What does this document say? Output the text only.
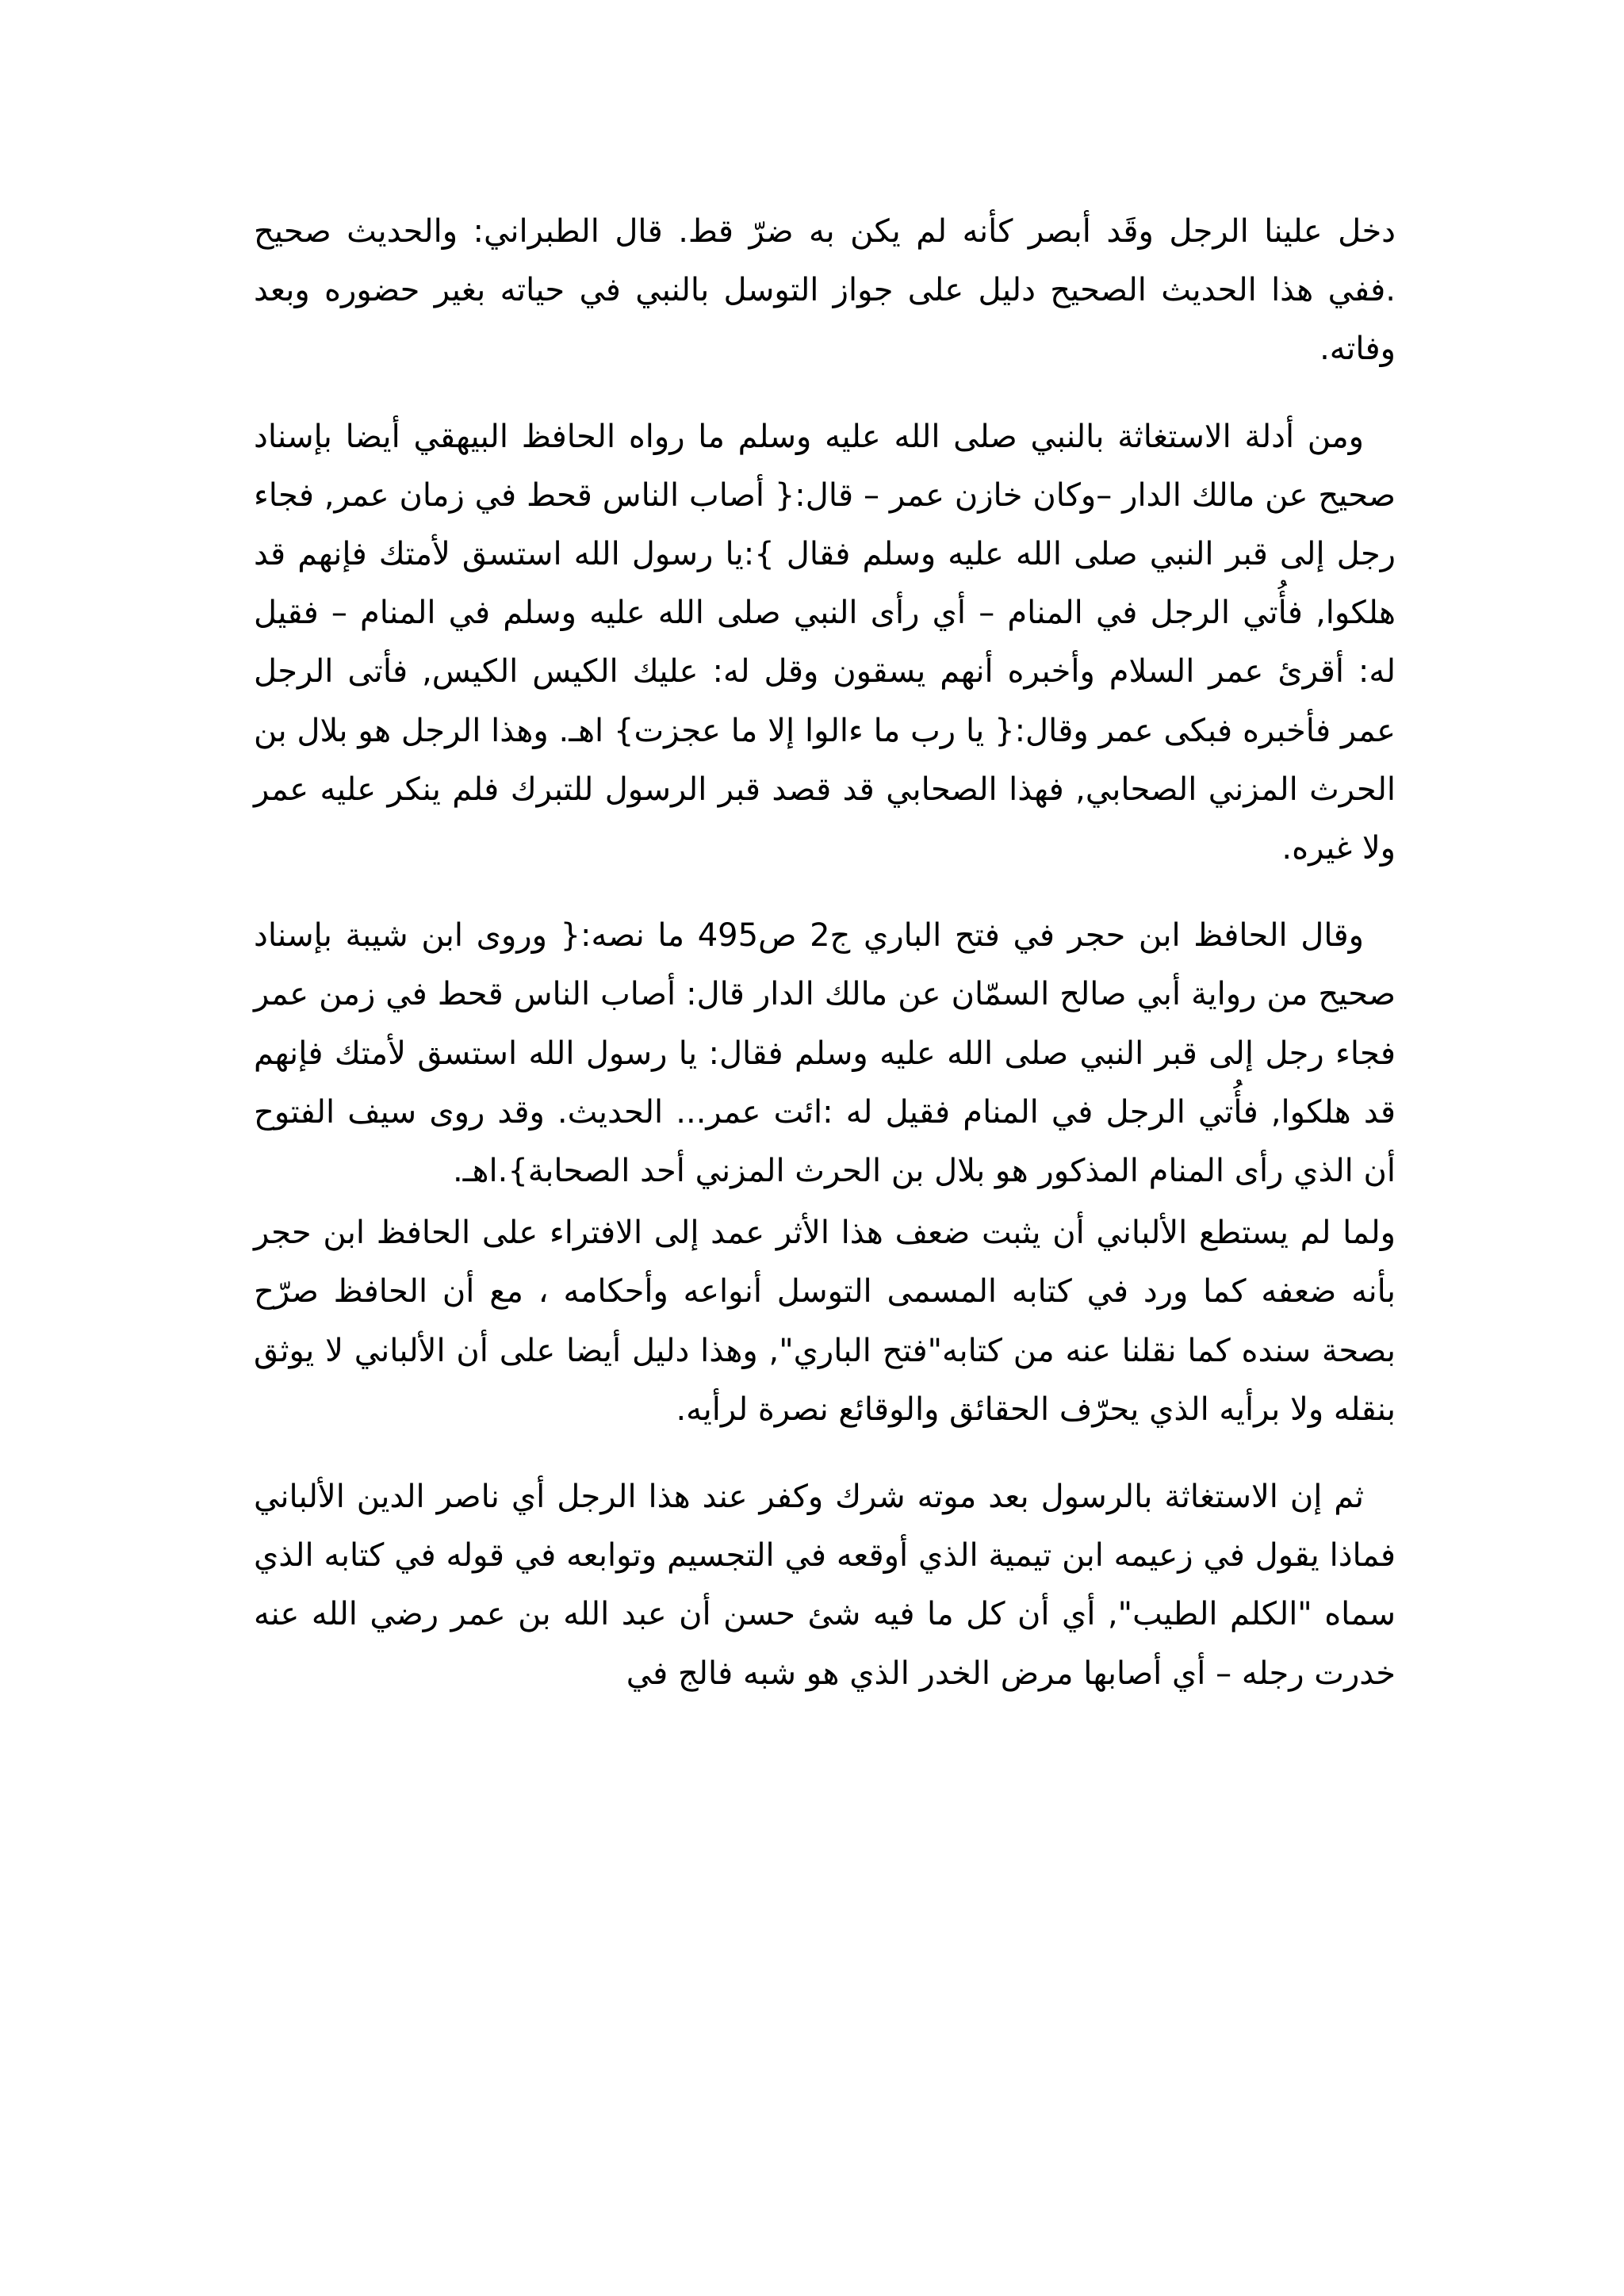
دخل علينا الرجل وقَد أبصر كأنه لم يكن به ضرّ قط. قال الطبراني: والحديث صحيح .ففي هذا الحديث الصحيح دليل على جواز التوسل بالنبي في حياته بغير حضوره وبعد وفاته.

ومن أدلة الاستغاثة بالنبي صلى الله عليه وسلم ما رواه الحافظ البيهقي أيضا بإسناد صحيح عن مالك الدار –وكان خازن عمر – قال:{ أصاب الناس قحط في زمان عمر, فجاء رجل إلى قبر النبي صلى الله عليه وسلم فقال }:يا رسول الله استسق لأمتك فإنهم قد هلكوا, فأُتي الرجل في المنام – أي رأى النبي صلى الله عليه وسلم في المنام – فقيل له: أقرئ عمر السلام وأخبره أنهم يسقون وقل له: عليك الكيس الكيس, فأتى الرجل عمر فأخبره فبكى عمر وقال:{ يا رب ما ءالوا إلا ما عجزت} اهـ. وهذا الرجل هو بلال بن الحرث المزني الصحابي, فهذا الصحابي قد قصد قبر الرسول للتبرك فلم ينكر عليه عمر ولا غيره.

وقال الحافظ ابن حجر في فتح الباري ج2 ص495 ما نصه:{ وروى ابن شيبة بإسناد صحيح من رواية أبي صالح السمّان عن مالك الدار قال: أصاب الناس قحط في زمن عمر فجاء رجل إلى قبر النبي صلى الله عليه وسلم فقال: يا رسول الله استسق لأمتك فإنهم قد هلكوا, فأُتي الرجل في المنام فقيل له :ائت عمر... الحديث. وقد روى سيف الفتوح أن الذي رأى المنام المذكور هو بلال بن الحرث المزني أحد الصحابة}.اهـ.

ولما لم يستطع الألباني أن يثبت ضعف هذا الأثر عمد إلى الافتراء على الحافظ ابن حجر بأنه ضعفه كما ورد في كتابه المسمى التوسل أنواعه وأحكامه ، مع أن الحافظ صرّح بصحة سنده كما نقلنا عنه من كتابه"فتح الباري", وهذا دليل أيضا على أن الألباني لا يوثق بنقله ولا برأيه الذي يحرّف الحقائق والوقائع نصرة لرأيه.

ثم إن الاستغاثة بالرسول بعد موته شرك وكفر عند هذا الرجل أي ناصر الدين الألباني فماذا يقول في زعيمه ابن تيمية الذي أوقعه في التجسيم وتوابعه في قوله في كتابه الذي سماه "الكلم الطيب", أي أن كل ما فيه شئ حسن أن عبد الله بن عمر رضي الله عنه خدرت رجله – أي أصابها مرض الخدر الذي هو شبه فالج في
